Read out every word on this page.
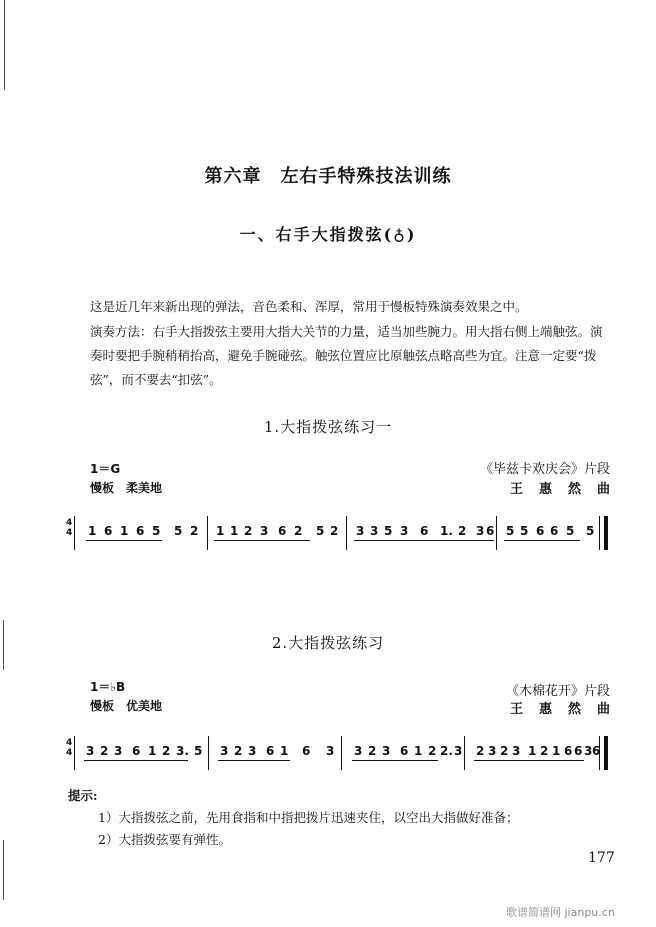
第六章　左右手特殊技法训练
一、右手大指拨弦(♁)
这是近几年来新出现的弹法，音色柔和、浑厚，常用于慢板特殊演奏效果之中。
演奏方法：右手大指拨弦主要用大指大关节的力量，适当加些腕力。用大指右侧上端触弦。演奏时要把手腕稍稍抬高，避免手腕碰弦。触弦位置应比原触弦点略高些为宜。注意一定要“拨弦”，而不要去“扣弦”。
1.大指拨弦练习一
1＝G
慢板　柔美地
《毕兹卡欢庆会》片段
王惠然曲
4
4 1 6 1 6 5 5 2 1 1 2 3 6 2 5 2 3 3 5 3 6 1. 2 3 6 5 5 6 6 5 5
2.大指拨弦练习
1＝♭B
慢板　优美地
《木棉花开》片段
王惠然曲
4
4 3 2 3 6 1 2 3. 5 3 2 3 6 1 6 3 3 2 3 6 1 2 2. 3 2 3 2 3 1 2 1 6 6 3 6
提示:
1）大指拨弦之前，先用食指和中指把拨片迅速夹住，以空出大指做好准备；
2）大指拨弦要有弹性。
177
歌谱简谱网 jianpu.cn
